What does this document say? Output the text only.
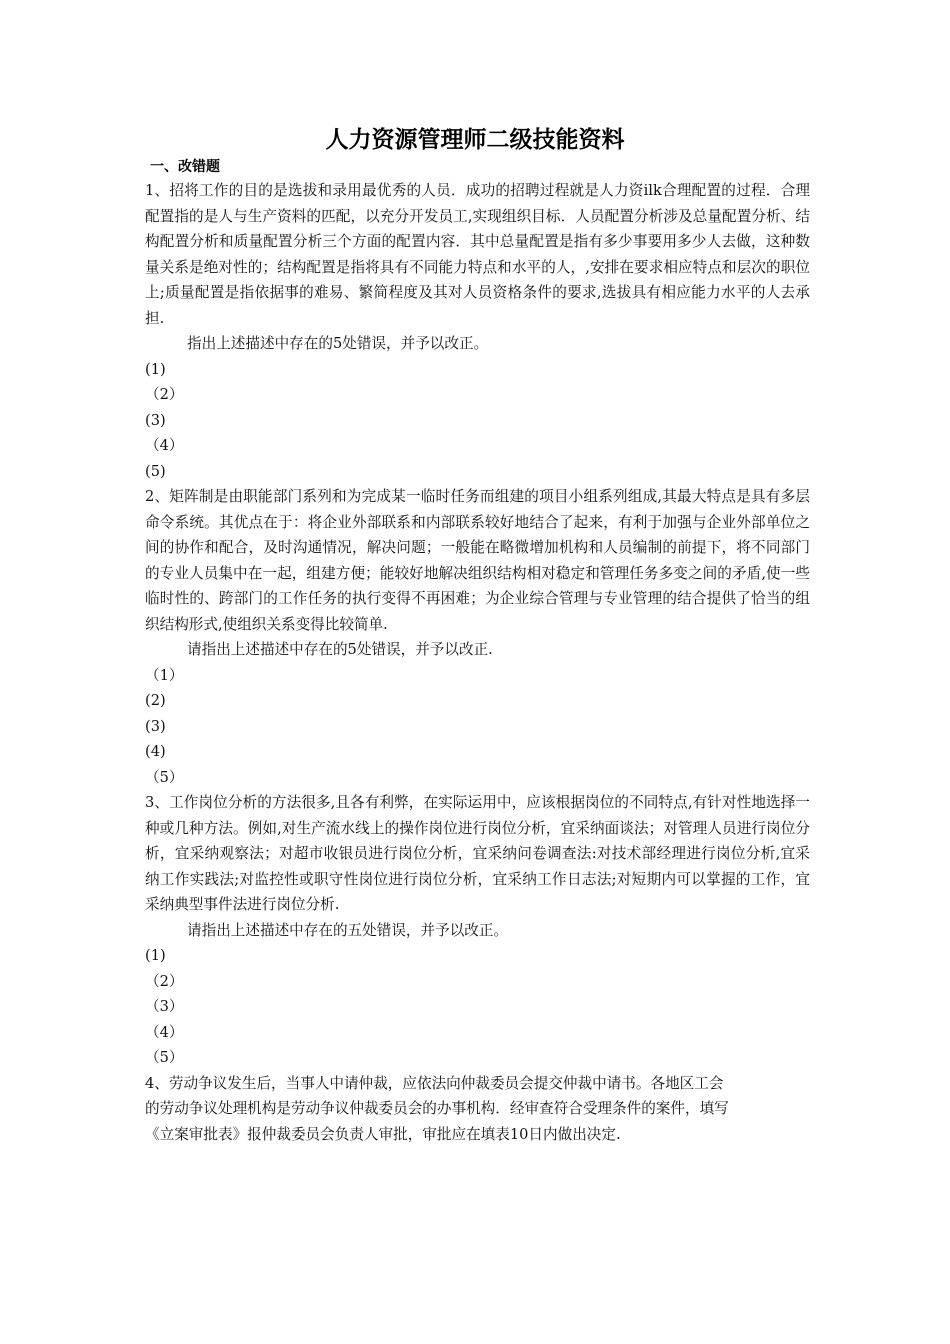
人力资源管理师二级技能资料
一、改错题

1、招将工作的目的是选拔和录用最优秀的人员．成功的招聘过程就是人力资ilk合理配置的过程．合理配置指的是人与生产资料的匹配，以充分开发员工,实现组织目标．人员配置分析涉及总量配置分析、结构配置分析和质量配置分析三个方面的配置内容．其中总量配置是指有多少事要用多少人去做，这种数量关系是绝对性的；结构配置是指将具有不同能力特点和水平的人，,安排在要求相应特点和层次的职位上;质量配置是指依据事的难易、繁简程度及其对人员资格条件的要求,选拔具有相应能力水平的人去承担.

指出上述描述中存在的5处错误，并予以改正。

(1)

（2）

(3)

（4）

(5)

2、矩阵制是由职能部门系列和为完成某一临时任务而组建的项目小组系列组成,其最大特点是具有多层命令系统。其优点在于：将企业外部联系和内部联系较好地结合了起来，有利于加强与企业外部单位之间的协作和配合，及时沟通情况，解决问题；一般能在略微增加机构和人员编制的前提下，将不同部门的专业人员集中在一起，组建方便；能较好地解决组织结构相对稳定和管理任务多变之间的矛盾,使一些临时性的、跨部门的工作任务的执行变得不再困难；为企业综合管理与专业管理的结合提供了恰当的组织结构形式,使组织关系变得比较简单.

请指出上述描述中存在的5处错误，并予以改正.

（1）

(2)

(3)

(4)

（5）

3、工作岗位分析的方法很多,且各有利弊，在实际运用中，应该根据岗位的不同特点,有针对性地选择一种或几种方法。例如,对生产流水线上的操作岗位进行岗位分析，宜采纳面谈法；对管理人员进行岗位分析，宜采纳观察法；对超市收银员进行岗位分析，宜采纳问卷调查法:对技术部经理进行岗位分析,宜采纳工作实践法;对监控性或职守性岗位进行岗位分析，宜采纳工作日志法;对短期内可以掌握的工作，宜采纳典型事件法进行岗位分析.

请指出上述描述中存在的五处错误，并予以改正。

(1)

（2）

（3）

（4）

（5）

4、劳动争议发生后，当事人中请仲裁，应依法向仲裁委员会提交仲裁中请书。各地区工会

的劳动争议处理机构是劳动争议仲裁委员会的办事机构．经审查符合受理条件的案件，填写

《立案审批表》报仲裁委员会负责人审批，审批应在填表10日内做出决定.
